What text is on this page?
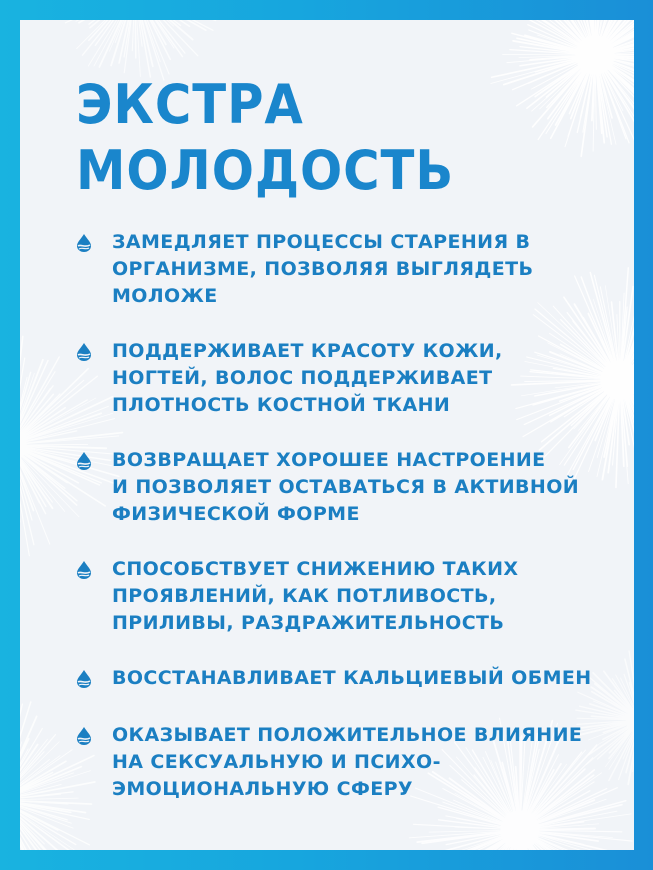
ЭКСТРА
МОЛОДОСТЬ
ЗАМЕДЛЯЕТ ПРОЦЕССЫ СТАРЕНИЯ В
ОРГАНИЗМЕ, ПОЗВОЛЯЯ ВЫГЛЯДЕТЬ
МОЛОЖЕ
ПОДДЕРЖИВАЕТ КРАСОТУ КОЖИ,
НОГТЕЙ, ВОЛОС ПОДДЕРЖИВАЕТ
ПЛОТНОСТЬ КОСТНОЙ ТКАНИ
ВОЗВРАЩАЕТ ХОРОШЕЕ НАСТРОЕНИЕ
И ПОЗВОЛЯЕТ ОСТАВАТЬСЯ В АКТИВНОЙ
ФИЗИЧЕСКОЙ ФОРМЕ
СПОСОБСТВУЕТ СНИЖЕНИЮ ТАКИХ
ПРОЯВЛЕНИЙ, КАК ПОТЛИВОСТЬ,
ПРИЛИВЫ, РАЗДРАЖИТЕЛЬНОСТЬ
ВОССТАНАВЛИВАЕТ КАЛЬЦИЕВЫЙ ОБМЕН
ОКАЗЫВАЕТ ПОЛОЖИТЕЛЬНОЕ ВЛИЯНИЕ
НА СЕКСУАЛЬНУЮ И ПСИХО-
ЭМОЦИОНАЛЬНУЮ СФЕРУ
